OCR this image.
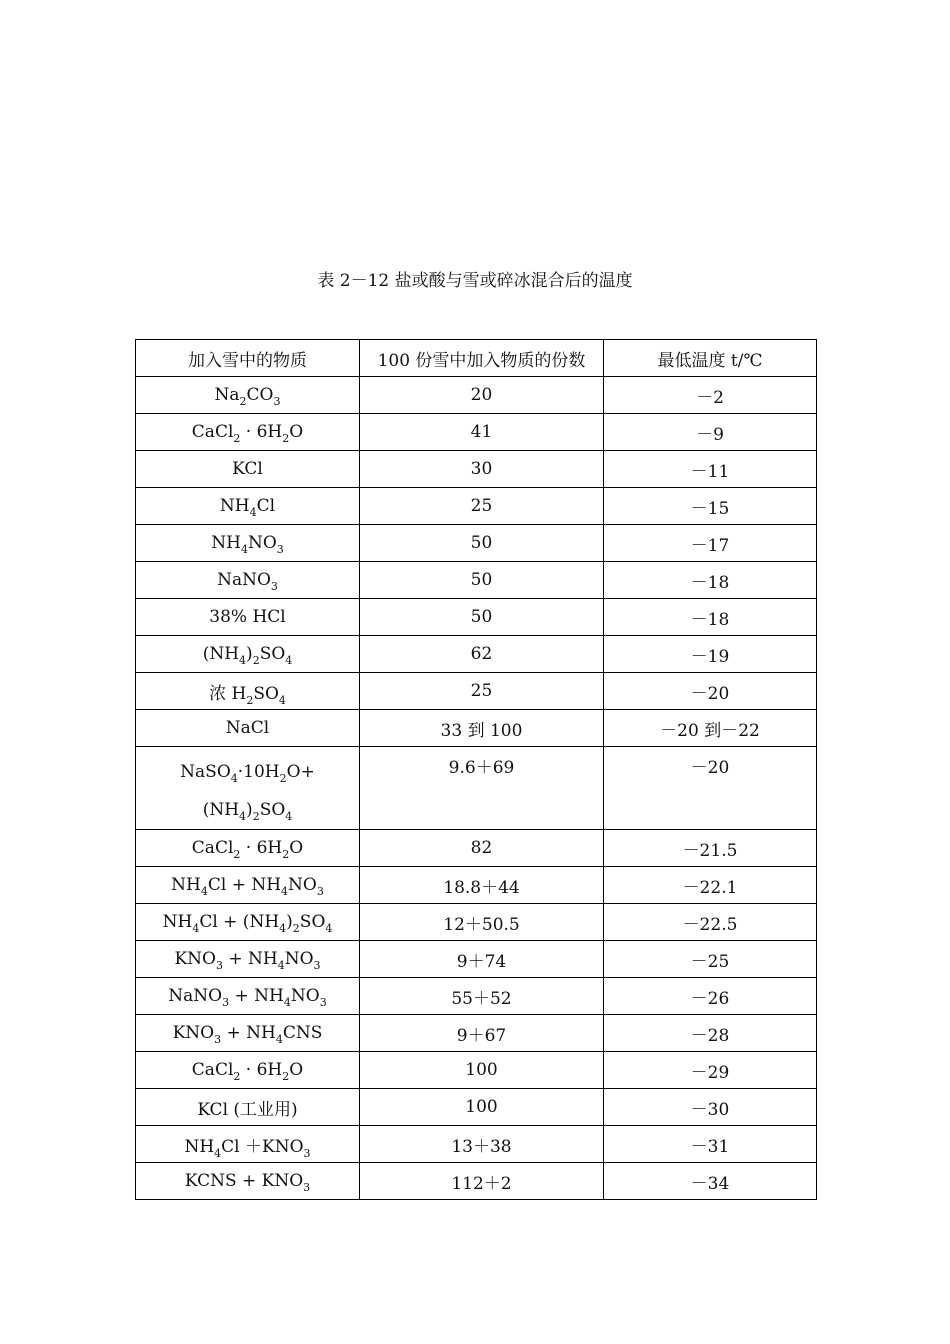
表 2－12 盐或酸与雪或碎冰混合后的温度
加入雪中的物质	100 份雪中加入物质的份数	最低温度 t/℃
$Na_2CO_3$	20	－2
CaCl$_2$ · $6H_2O$	41	－9
KCl	30	－11
$NH_4Cl$	25	－15
$NH_4NO_3$	50	－17
NaNO$_3$	50	－18
38% HCl	50	－18
$(NH_4)_2SO_4$	62	－19
浓 $H_2SO_4$	25	－20
NaCl	33 到 100	－20 到－22
$NaSO_4\cdot 10H_2O+(NH_4)_2SO_4$	9.6＋69	－20
CaCl$_2$ · $6H_2O$	82	－21.5
$NH_4Cl + NH_4NO_3$	18.8＋44	－22.1
$NH_4Cl + (NH_4)_2SO_4$	12＋50.5	－22.5
$KNO_3 + NH_4NO_3$	9＋74	－25
NaNO$_3$ + $NH_4NO_3$	55＋52	－26
$KNO_3 + NH_4CNS$	9＋67	－28
CaCl$_2$ · $6H_2O$	100	－29
KCl (工业用)	100	－30
$NH_4Cl +KNO_3$	13＋38	－31
KCNS + $KNO_3$	112＋2	－34
